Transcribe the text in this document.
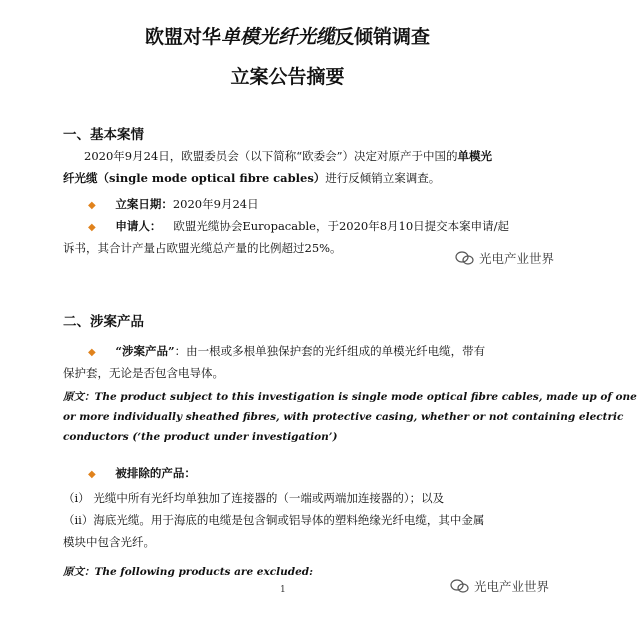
欧盟对华单模光纤光缆反倾销调查
立案公告摘要
一、基本案情
2020年9月24日，欧盟委员会（以下简称“欧委会”）决定对原产于中国的单模光
纤光缆（single mode optical fibre cables）进行反倾销立案调查。
◆ 立案日期：2020年9月24日
◆ 申请人： 欧盟光缆协会Europacable，于2020年8月10日提交本案申请/起
诉书，其合计产量占欧盟光缆总产量的比例超过25%。
光电产业世界
二、涉案产品
◆ “涉案产品”：由一根或多根单独保护套的光纤组成的单模光纤电缆，带有
保护套，无论是否包含电导体。
原文：The product subject to this investigation is single mode optical fibre cables, made up of one
or more individually sheathed fibres, with protective casing, whether or not containing electric
conductors (‘the product under investigation’)
◆ 被排除的产品：
（i） 光缆中所有光纤均单独加了连接器的（一端或两端加连接器的）；以及
（ii）海底光缆。用于海底的电缆是包含铜或铝导体的塑料绝缘光纤电缆，其中金属
模块中包含光纤。
原文：The following products are excluded:
1	光电产业世界
